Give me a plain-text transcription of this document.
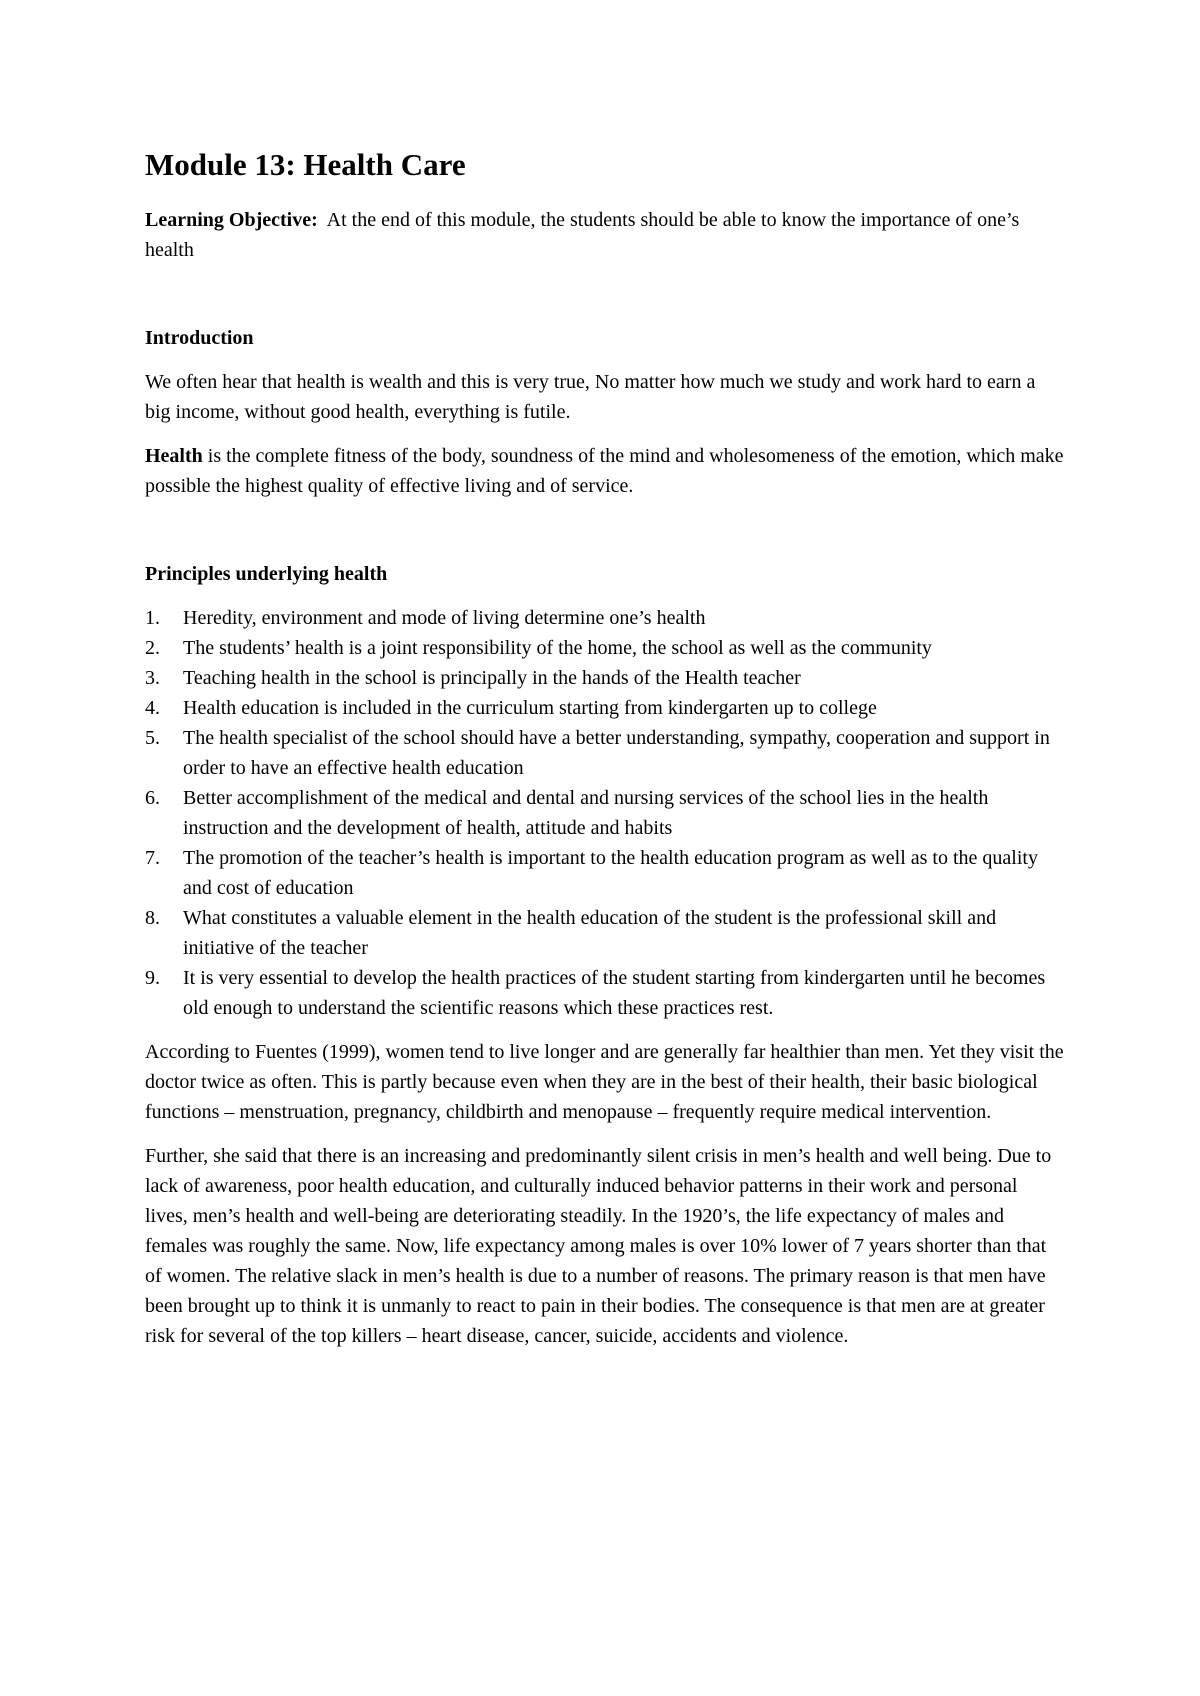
Module 13: Health Care

Learning Objective: At the end of this module, the students should be able to know the importance of one’s health

Introduction

We often hear that health is wealth and this is very true, No matter how much we study and work hard to earn a big income, without good health, everything is futile.

Health is the complete fitness of the body, soundness of the mind and wholesomeness of the emotion, which make possible the highest quality of effective living and of service.

Principles underlying health
1. Heredity, environment and mode of living determine one’s health
2. The students’ health is a joint responsibility of the home, the school as well as the community
3. Teaching health in the school is principally in the hands of the Health teacher
4. Health education is included in the curriculum starting from kindergarten up to college
5. The health specialist of the school should have a better understanding, sympathy, cooperation and support in order to have an effective health education
6. Better accomplishment of the medical and dental and nursing services of the school lies in the health instruction and the development of health, attitude and habits
7. The promotion of the teacher’s health is important to the health education program as well as to the quality and cost of education
8. What constitutes a valuable element in the health education of the student is the professional skill and initiative of the teacher
9. It is very essential to develop the health practices of the student starting from kindergarten until he becomes old enough to understand the scientific reasons which these practices rest.

According to Fuentes (1999), women tend to live longer and are generally far healthier than men. Yet they visit the doctor twice as often. This is partly because even when they are in the best of their health, their basic biological functions – menstruation, pregnancy, childbirth and menopause – frequently require medical intervention.

Further, she said that there is an increasing and predominantly silent crisis in men’s health and well being. Due to lack of awareness, poor health education, and culturally induced behavior patterns in their work and personal lives, men’s health and well-being are deteriorating steadily. In the 1920’s, the life expectancy of males and females was roughly the same. Now, life expectancy among males is over 10% lower of 7 years shorter than that of women. The relative slack in men’s health is due to a number of reasons. The primary reason is that men have been brought up to think it is unmanly to react to pain in their bodies. The consequence is that men are at greater risk for several of the top killers – heart disease, cancer, suicide, accidents and violence.
